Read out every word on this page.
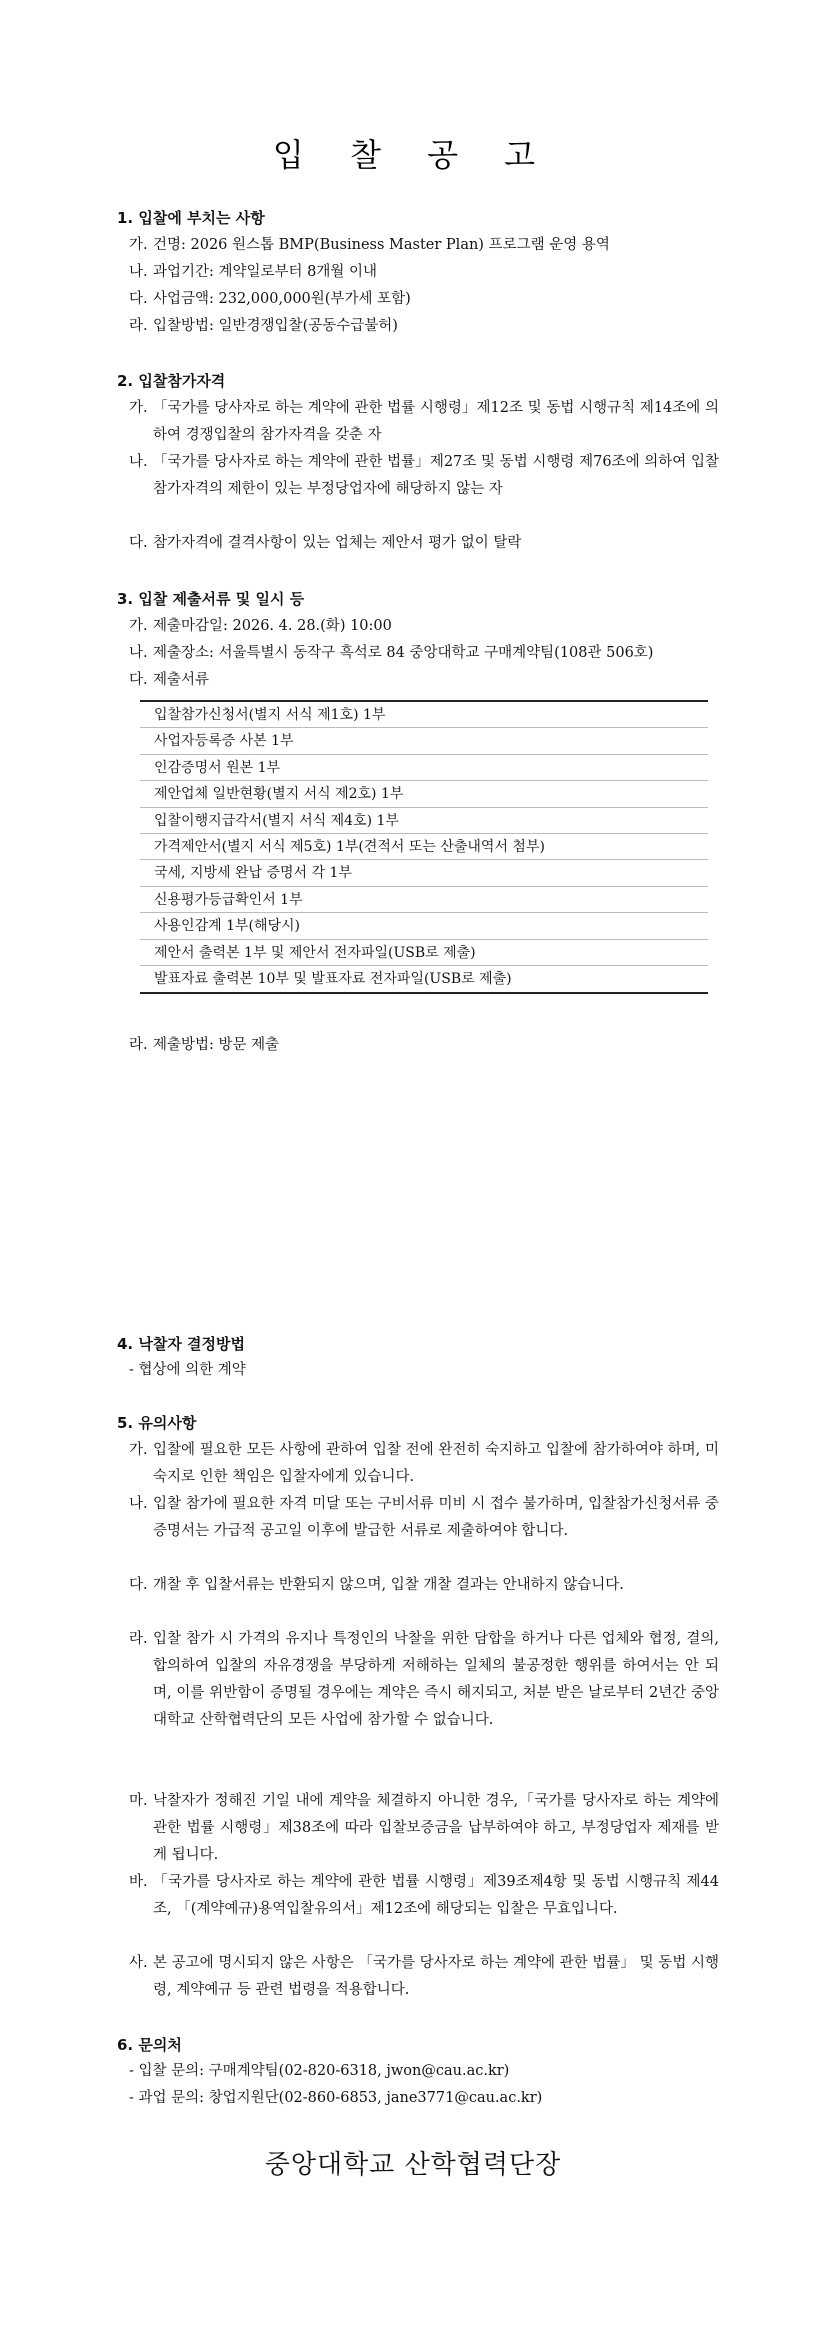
입 찰 공 고
1. 입찰에 부치는 사항
가. 건명: 2026 원스톱 BMP(Business Master Plan) 프로그램 운영 용역
나. 과업기간: 계약일로부터 8개월 이내
다. 사업금액: 232,000,000원(부가세 포함)
라. 입찰방법: 일반경쟁입찰(공동수급불허)
2. 입찰참가자격
가. 「국가를 당사자로 하는 계약에 관한 법률 시행령」제12조 및 동법 시행규칙 제14조에 의하여 경쟁입찰의 참가자격을 갖춘 자
나. 「국가를 당사자로 하는 계약에 관한 법률」제27조 및 동법 시행령 제76조에 의하여 입찰참가자격의 제한이 있는 부정당업자에 해당하지 않는 자
다. 참가자격에 결격사항이 있는 업체는 제안서 평가 없이 탈락
3. 입찰 제출서류 및 일시 등
가. 제출마감일: 2026. 4. 28.(화) 10:00
나. 제출장소: 서울특별시 동작구 흑석로 84 중앙대학교 구매계약팀(108관 506호)
다. 제출서류
입찰참가신청서(별지 서식 제1호) 1부
사업자등록증 사본 1부
인감증명서 원본 1부
제안업체 일반현황(별지 서식 제2호) 1부
입찰이행지급각서(별지 서식 제4호) 1부
가격제안서(별지 서식 제5호) 1부(견적서 또는 산출내역서 첨부)
국세, 지방세 완납 증명서 각 1부
신용평가등급확인서 1부
사용인감계 1부(해당시)
제안서 출력본 1부 및 제안서 전자파일(USB로 제출)
발표자료 출력본 10부 및 발표자료 전자파일(USB로 제출)
라. 제출방법: 방문 제출
4. 낙찰자 결정방법
- 협상에 의한 계약
5. 유의사항
가. 입찰에 필요한 모든 사항에 관하여 입찰 전에 완전히 숙지하고 입찰에 참가하여야 하며, 미숙지로 인한 책임은 입찰자에게 있습니다.
나. 입찰 참가에 필요한 자격 미달 또는 구비서류 미비 시 접수 불가하며, 입찰참가신청서류 중 증명서는 가급적 공고일 이후에 발급한 서류로 제출하여야 합니다.
다. 개찰 후 입찰서류는 반환되지 않으며, 입찰 개찰 결과는 안내하지 않습니다.
라. 입찰 참가 시 가격의 유지나 특정인의 낙찰을 위한 담합을 하거나 다른 업체와 협정, 결의, 합의하여 입찰의 자유경쟁을 부당하게 저해하는 일체의 불공정한 행위를 하여서는 안 되며, 이를 위반함이 증명될 경우에는 계약은 즉시 해지되고, 처분 받은 날로부터 2년간 중앙대학교 산학협력단의 모든 사업에 참가할 수 없습니다.
마. 낙찰자가 정해진 기일 내에 계약을 체결하지 아니한 경우,「국가를 당사자로 하는 계약에 관한 법률 시행령」제38조에 따라 입찰보증금을 납부하여야 하고, 부정당업자 제재를 받게 됩니다.
바. 「국가를 당사자로 하는 계약에 관한 법률 시행령」제39조제4항 및 동법 시행규칙 제44조, 「(계약예규)용역입찰유의서」제12조에 해당되는 입찰은 무효입니다.
사. 본 공고에 명시되지 않은 사항은 「국가를 당사자로 하는 계약에 관한 법률」 및 동법 시행령, 계약예규 등 관련 법령을 적용합니다.
6. 문의처
- 입찰 문의: 구매계약팀(02-820-6318, jwon@cau.ac.kr)
- 과업 문의: 창업지원단(02-860-6853, jane3771@cau.ac.kr)
중앙대학교 산학협력단장
